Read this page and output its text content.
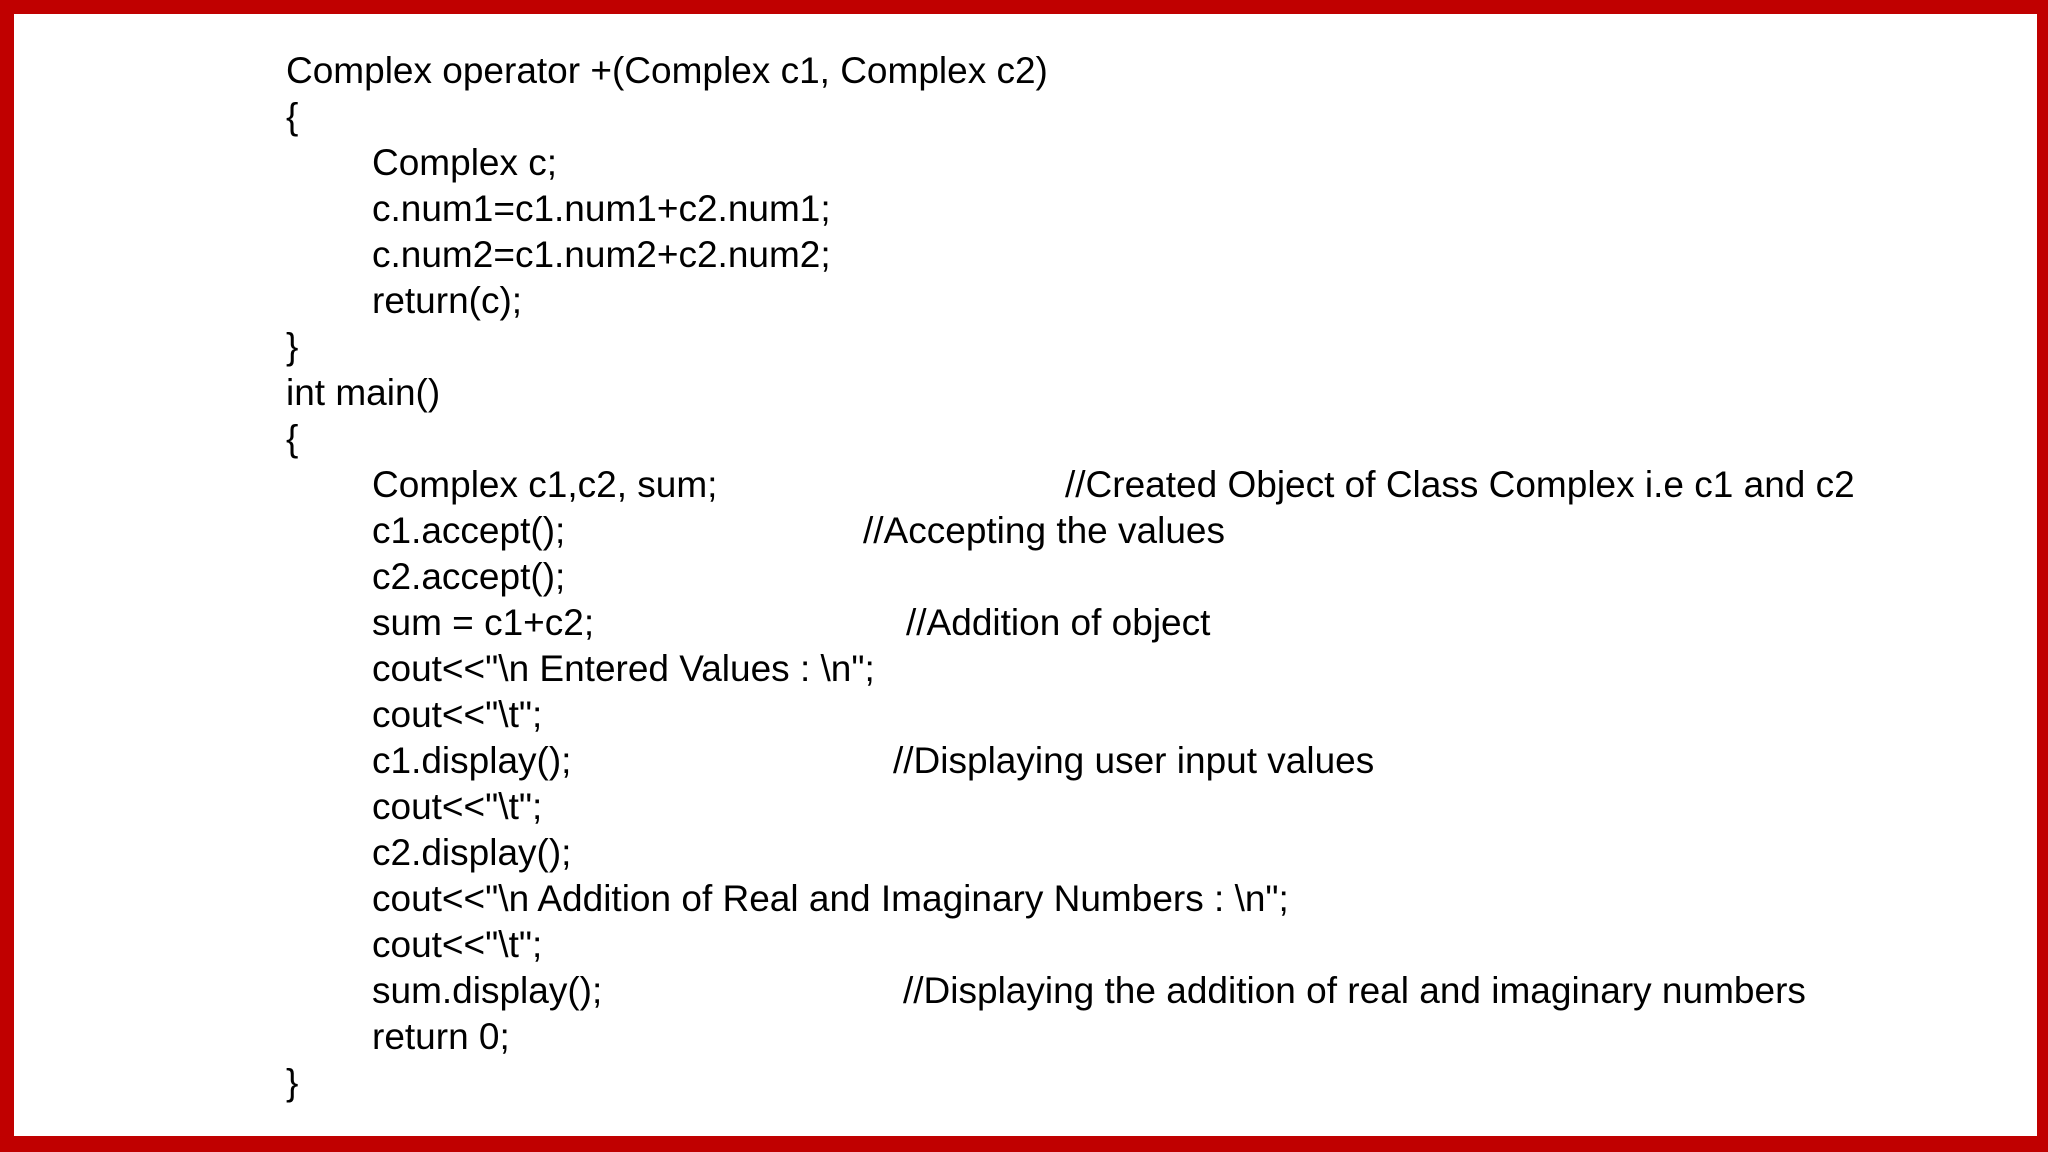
Complex operator +(Complex c1, Complex c2)
{
Complex c;
c.num1=c1.num1+c2.num1;
c.num2=c1.num2+c2.num2;
return(c);
}
int main()
{
Complex c1,c2, sum;	//Created Object of Class Complex i.e c1 and c2
c1.accept();	//Accepting the values
c2.accept();
sum = c1+c2;	//Addition of object
cout<<"\n Entered Values : \n";
cout<<"\t";
c1.display();	//Displaying user input values
cout<<"\t";
c2.display();
cout<<"\n Addition of Real and Imaginary Numbers : \n";
cout<<"\t";
sum.display();	//Displaying the addition of real and imaginary numbers
return 0;
}
